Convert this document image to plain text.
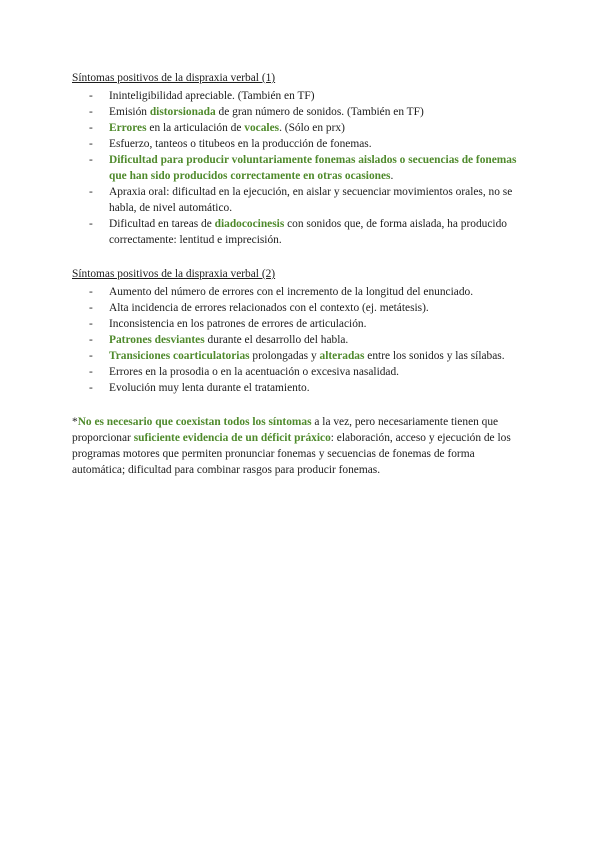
Síntomas positivos de la dispraxia verbal (1)

- Ininteligibilidad apreciable. (También en TF)
- Emisión distorsionada de gran número de sonidos. (También en TF)
- Errores en la articulación de vocales. (Sólo en prx)
- Esfuerzo, tanteos o titubeos en la producción de fonemas.
- Dificultad para producir voluntariamente fonemas aislados o secuencias de fonemas que han sido producidos correctamente en otras ocasiones.
- Apraxia oral: dificultad en la ejecución, en aislar y secuenciar movimientos orales, no se habla, de nivel automático.
- Dificultad en tareas de diadococinesis con sonidos que, de forma aislada, ha producido correctamente: lentitud e imprecisión.

Síntomas positivos de la dispraxia verbal (2)

- Aumento del número de errores con el incremento de la longitud del enunciado.
- Alta incidencia de errores relacionados con el contexto (ej. metátesis).
- Inconsistencia en los patrones de errores de articulación.
- Patrones desviantes durante el desarrollo del habla.
- Transiciones coarticulatorias prolongadas y alteradas entre los sonidos y las sílabas.
- Errores en la prosodia o en la acentuación o excesiva nasalidad.
- Evolución muy lenta durante el tratamiento.

*No es necesario que coexistan todos los síntomas a la vez, pero necesariamente tienen que proporcionar suficiente evidencia de un déficit práxico: elaboración, acceso y ejecución de los programas motores que permiten pronunciar fonemas y secuencias de fonemas de forma automática; dificultad para combinar rasgos para producir fonemas.
